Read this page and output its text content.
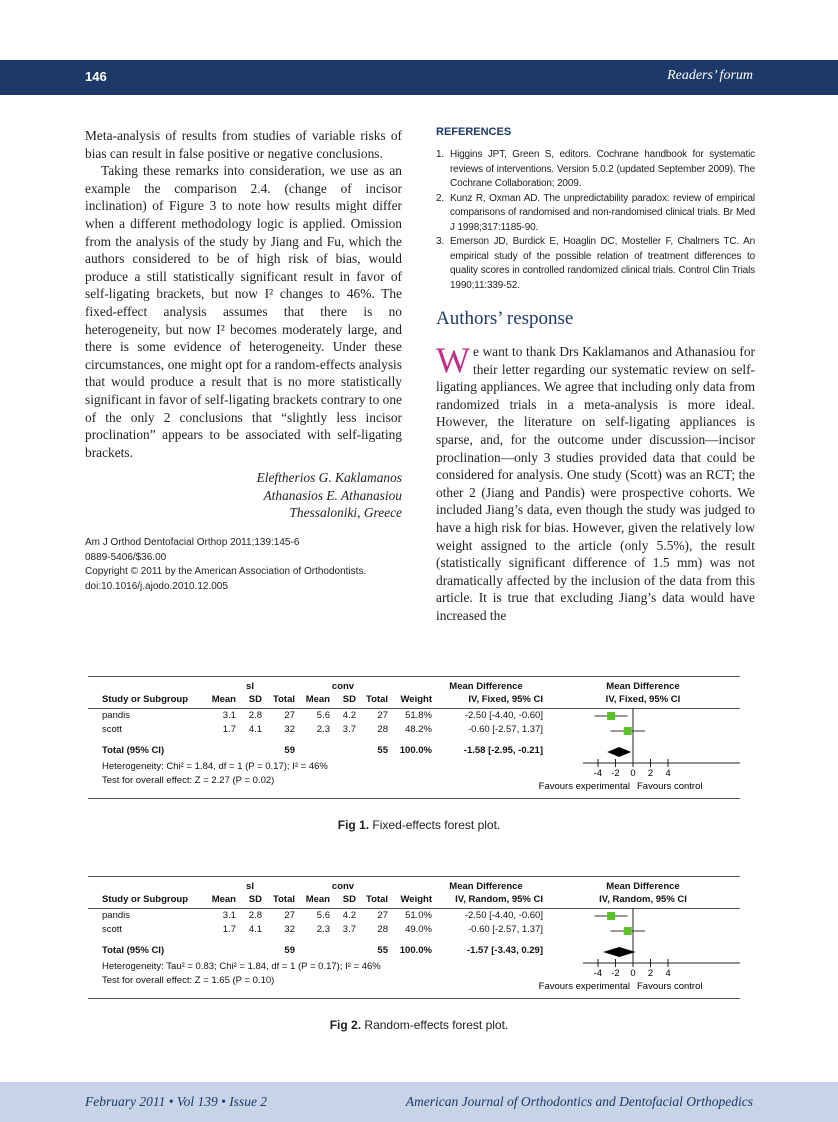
146	Readers’ forum

Meta-analysis of results from studies of variable risks of bias can result in false positive or negative conclusions.

Taking these remarks into consideration, we use as an example the comparison 2.4. (change of incisor inclination) of Figure 3 to note how results might differ when a different methodology logic is applied. Omission from the analysis of the study by Jiang and Fu, which the authors considered to be of high risk of bias, would produce a still statistically significant result in favor of self-ligating brackets, but now I² changes to 46%. The fixed-effect analysis assumes that there is no heterogeneity, but now I² becomes moderately large, and there is some evidence of heterogeneity. Under these circumstances, one might opt for a random-effects analysis that would produce a result that is no more statistically significant in favor of self-ligating brackets contrary to one of the only 2 conclusions that “slightly less incisor proclination” appears to be associated with self-ligating brackets.

Eleftherios G. Kaklamanos

Athanasios E. Athanasiou

Thessaloniki, Greece

Am J Orthod Dentofacial Orthop 2011;139:145-6
0889-5406/$36.00
Copyright © 2011 by the American Association of Orthodontists.
doi:10.1016/j.ajodo.2010.12.005
REFERENCES
1. Higgins JPT, Green S, editors. Cochrane handbook for systematic reviews of interventions. Version 5.0.2 (updated September 2009). The Cochrane Collaboration; 2009.
2. Kunz R, Oxman AD. The unpredictability paradox: review of empirical comparisons of randomised and non-randomised clinical trials. Br Med J 1998;317:1185-90.
3. Emerson JD, Burdick E, Hoaglin DC, Mosteller F, Chalmers TC. An empirical study of the possible relation of treatment differences to quality scores in controlled randomized clinical trials. Control Clin Trials 1990;11:339-52.
Authors’ response

We want to thank Drs Kaklamanos and Athanasiou for their letter regarding our systematic review on self-ligating appliances. We agree that including only data from randomized trials in a meta-analysis is more ideal. However, the literature on self-ligating appliances is sparse, and, for the outcome under discussion—incisor proclination—only 3 studies provided data that could be considered for analysis. One study (Scott) was an RCT; the other 2 (Jiang and Pandis) were prospective cohorts. We included Jiang’s data, even though the study was judged to have a high risk for bias. However, given the relatively low weight assigned to the article (only 5.5%), the result (statistically significant difference of 1.5 mm) was not dramatically affected by the inclusion of the data from this article. It is true that excluding Jiang’s data would have increased the

sl	conv	Mean Difference	Mean Difference
Study or Subgroup Mean SD Total Mean SD Total Weight	IV, Fixed, 95% CI	IV, Fixed, 95% CI
pandis	3.1 2.8 27 5.6 4.2 27 51.8%	-2.50 [-4.40, -0.60]
scott	1.7 4.1 32 2.3 3.7 28 48.2%	-0.60 [-2.57, 1.37]
Total (95% CI)	59	55 100.0%	-1.58 [-2.95, -0.21]
Heterogeneity: Chi² = 1.84, df = 1 (P = 0.17); I² = 46%
Test for overall effect: Z = 2.27 (P = 0.02)
-4 -2 0 2 4
Favours experimental Favours control
Fig 1. Fixed-effects forest plot.
sl	conv	Mean Difference	Mean Difference
Study or Subgroup Mean SD Total Mean SD Total Weight IV, Random, 95% CI	IV, Random, 95% CI
pandis	3.1 2.8 27 5.6 4.2 27 51.0%	-2.50 [-4.40, -0.60]
scott	1.7 4.1 32 2.3 3.7 28 49.0%	-0.60 [-2.57, 1.37]
Total (95% CI)	59	55 100.0%	-1.57 [-3.43, 0.29]
Heterogeneity: Tau² = 0.83; Chi² = 1.84, df = 1 (P = 0.17); I² = 46%
Test for overall effect: Z = 1.65 (P = 0.10)
-4 -2 0 2 4
Favours experimental Favours control
Fig 2. Random-effects forest plot.
February 2011 • Vol 139 • Issue 2	American Journal of Orthodontics and Dentofacial Orthopedics
